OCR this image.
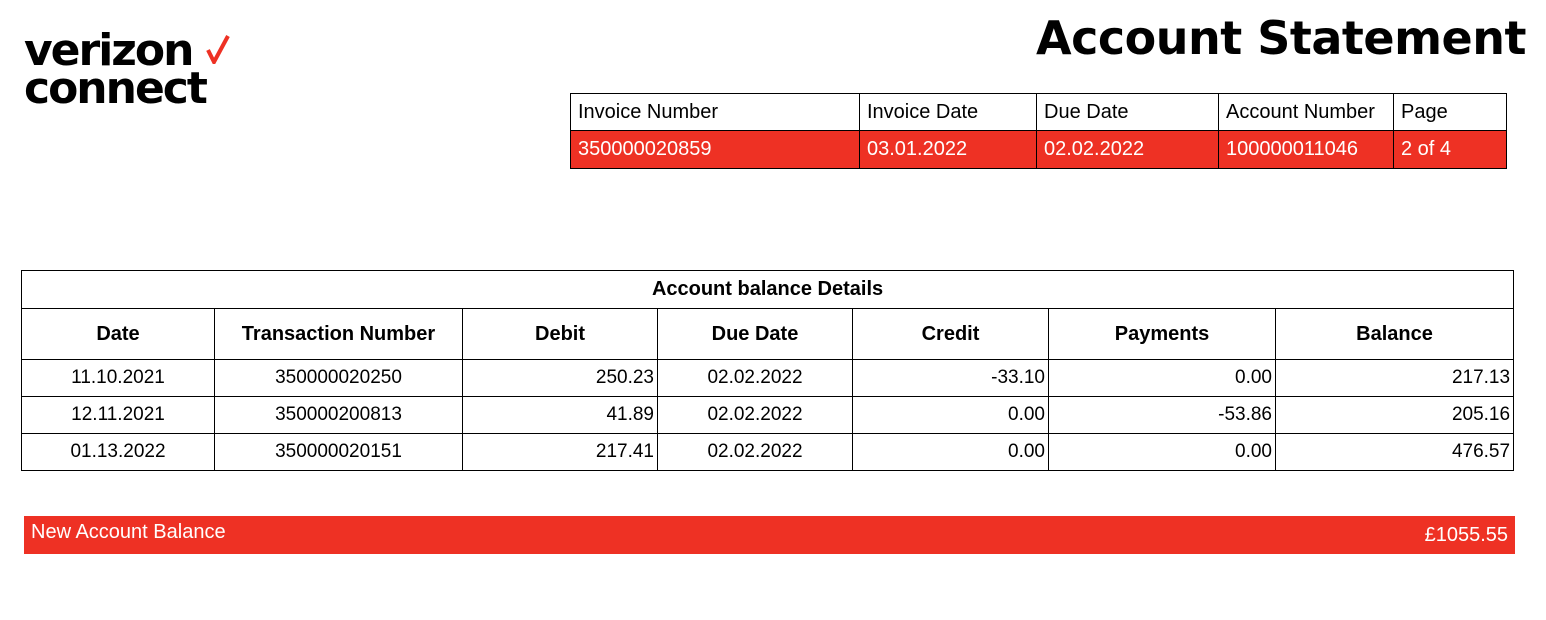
verizon
connect
Account Statement
Invoice Number	Invoice Date	Due Date	Account Number	Page
350000020859	03.01.2022	02.02.2022	100000011046	2 of 4
Account balance Details						
Date	Transaction Number	Debit	Due Date	Credit	Payments	Balance
11.10.2021	350000020250	250.23	02.02.2022	-33.10	0.00	217.13
12.11.2021	350000200813	41.89	02.02.2022	0.00	-53.86	205.16
01.13.2022	350000020151	217.41	02.02.2022	0.00	0.00	476.57
New Account Balance	£1055.55
